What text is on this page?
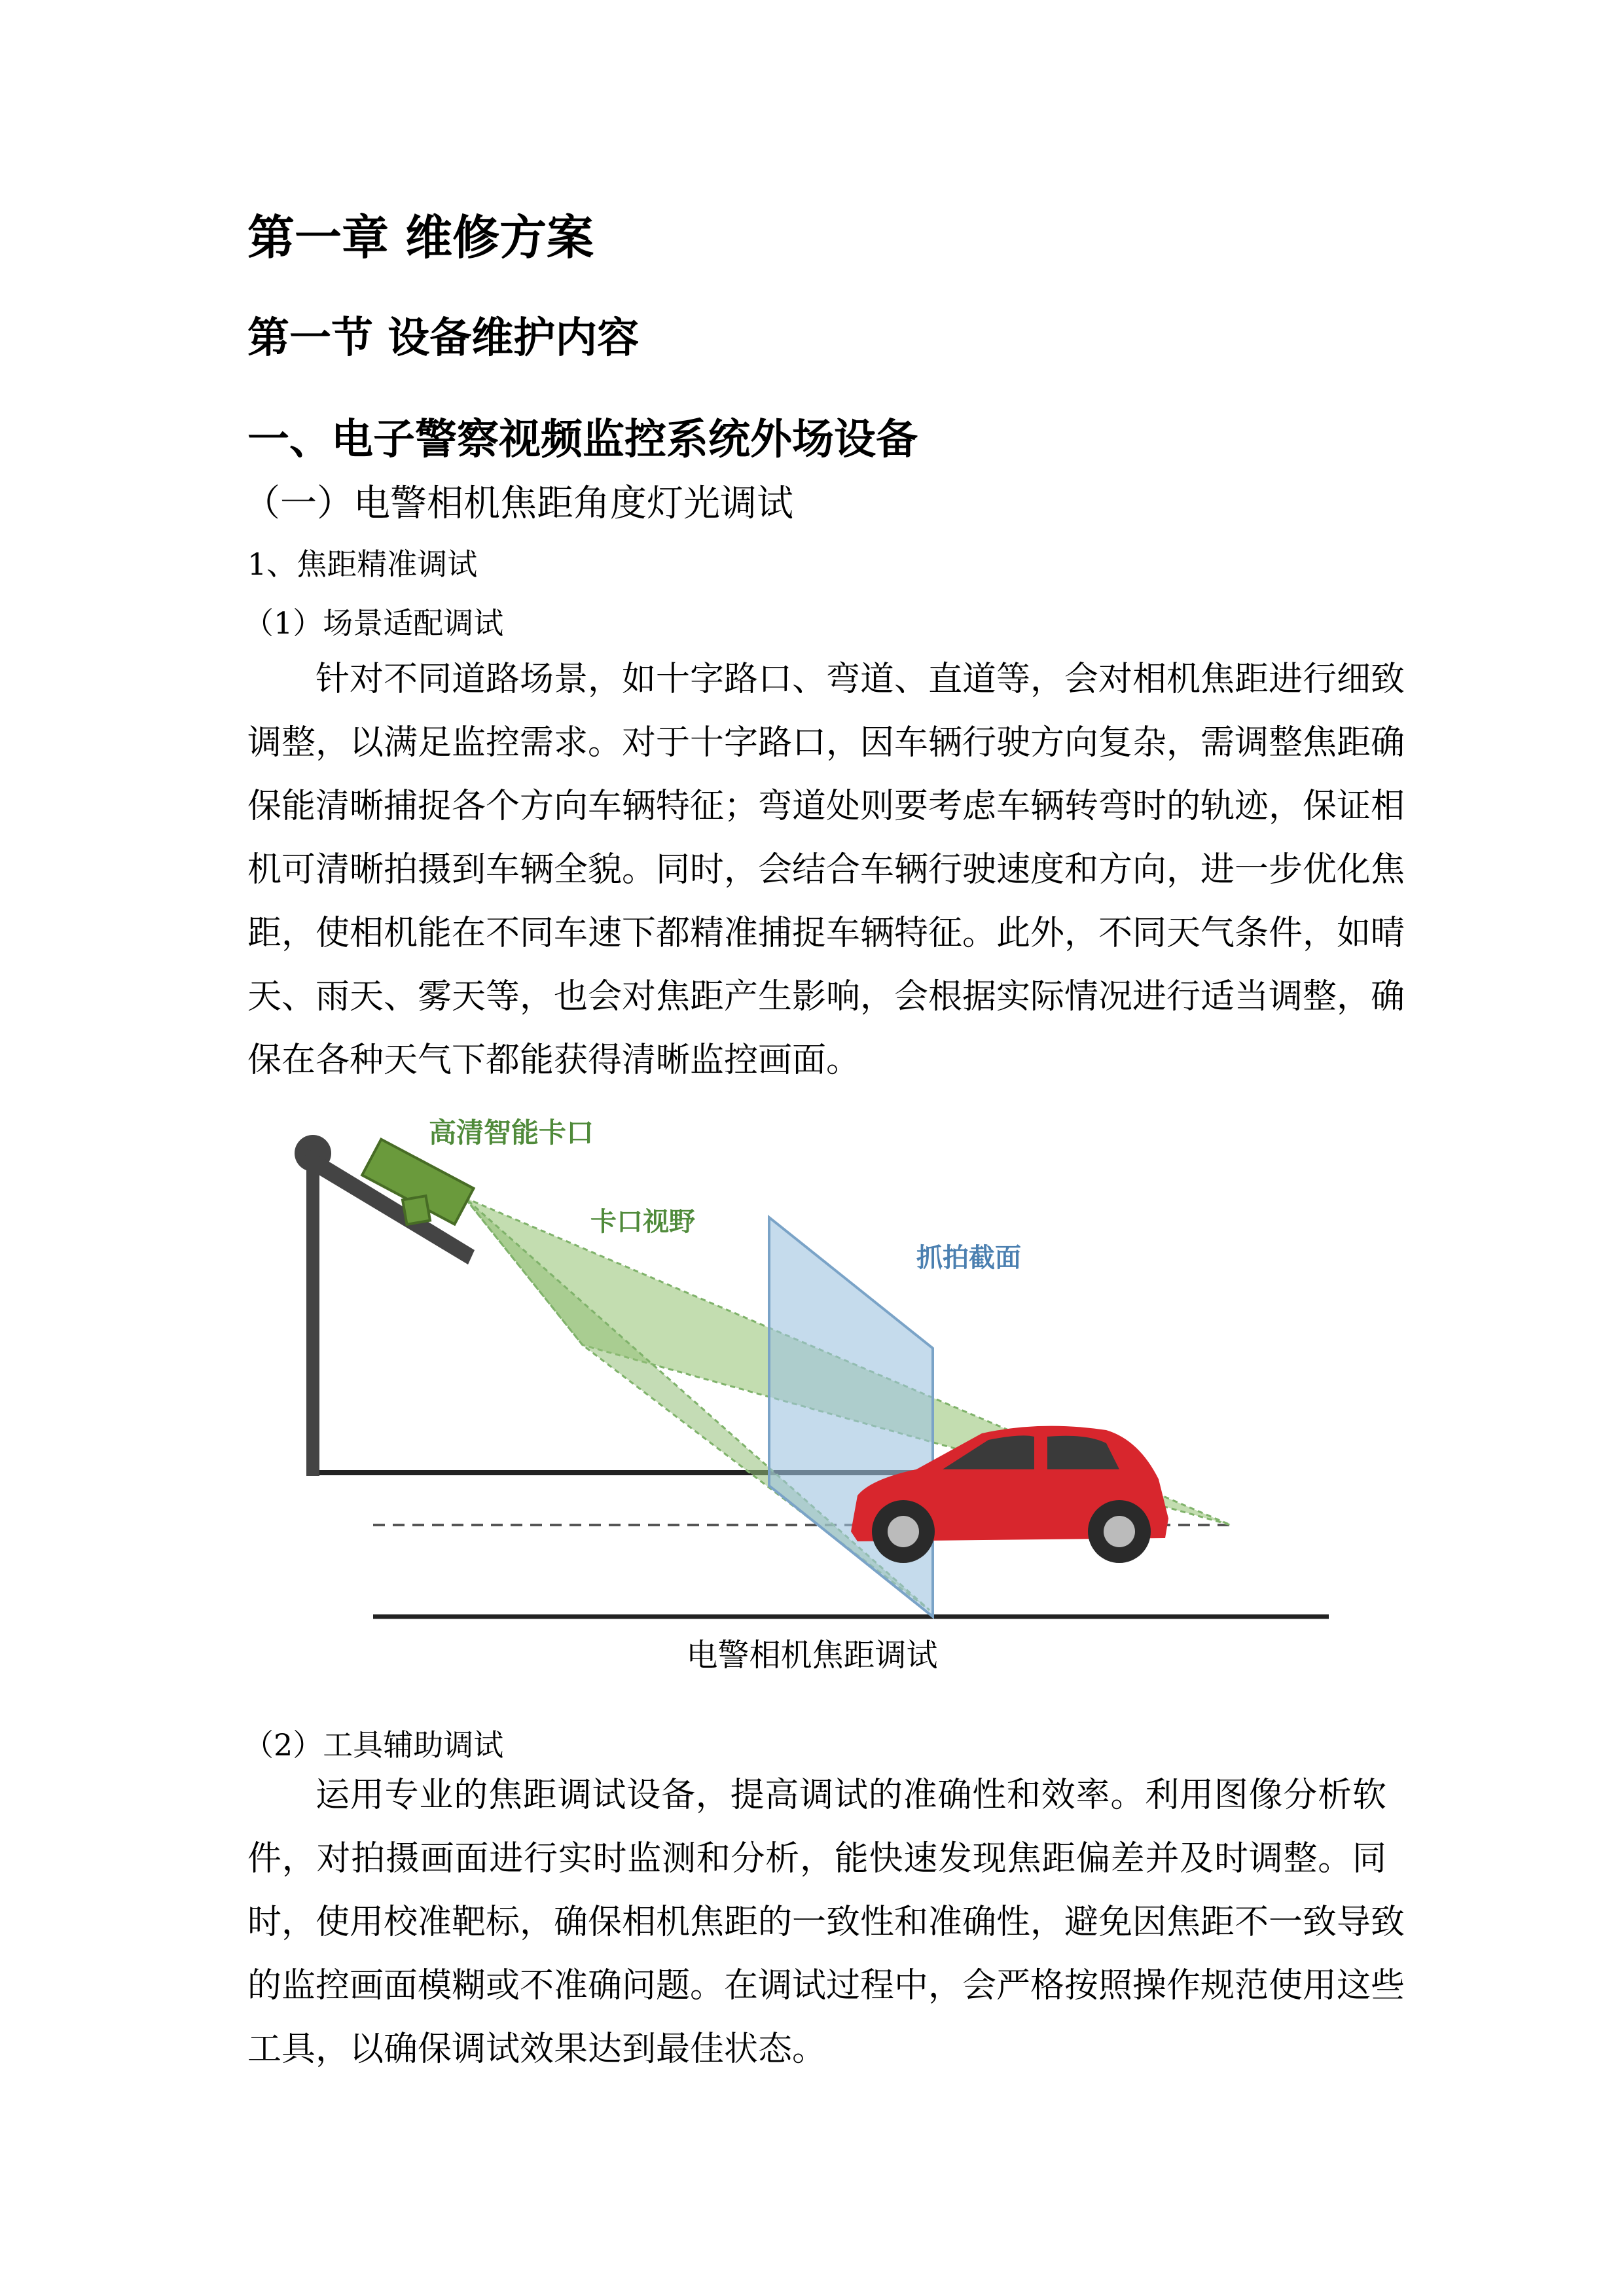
第一章 维修方案
第一节 设备维护内容
一、电子警察视频监控系统外场设备
（一）电警相机焦距角度灯光调试
1、焦距精准调试
（1）场景适配调试
针对不同道路场景，如十字路口、弯道、直道等，会对相机焦距进行细致
调整，以满足监控需求。对于十字路口，因车辆行驶方向复杂，需调整焦距确
保能清晰捕捉各个方向车辆特征；弯道处则要考虑车辆转弯时的轨迹，保证相
机可清晰拍摄到车辆全貌。同时，会结合车辆行驶速度和方向，进一步优化焦
距，使相机能在不同车速下都精准捕捉车辆特征。此外，不同天气条件，如晴
天、雨天、雾天等，也会对焦距产生影响，会根据实际情况进行适当调整，确
保在各种天气下都能获得清晰监控画面。
高清智能卡口
卡口视野
抓拍截面
电警相机焦距调试
（2）工具辅助调试
运用专业的焦距调试设备，提高调试的准确性和效率。利用图像分析软
件，对拍摄画面进行实时监测和分析，能快速发现焦距偏差并及时调整。同
时，使用校准靶标，确保相机焦距的一致性和准确性，避免因焦距不一致导致
的监控画面模糊或不准确问题。在调试过程中，会严格按照操作规范使用这些
工具，以确保调试效果达到最佳状态。
